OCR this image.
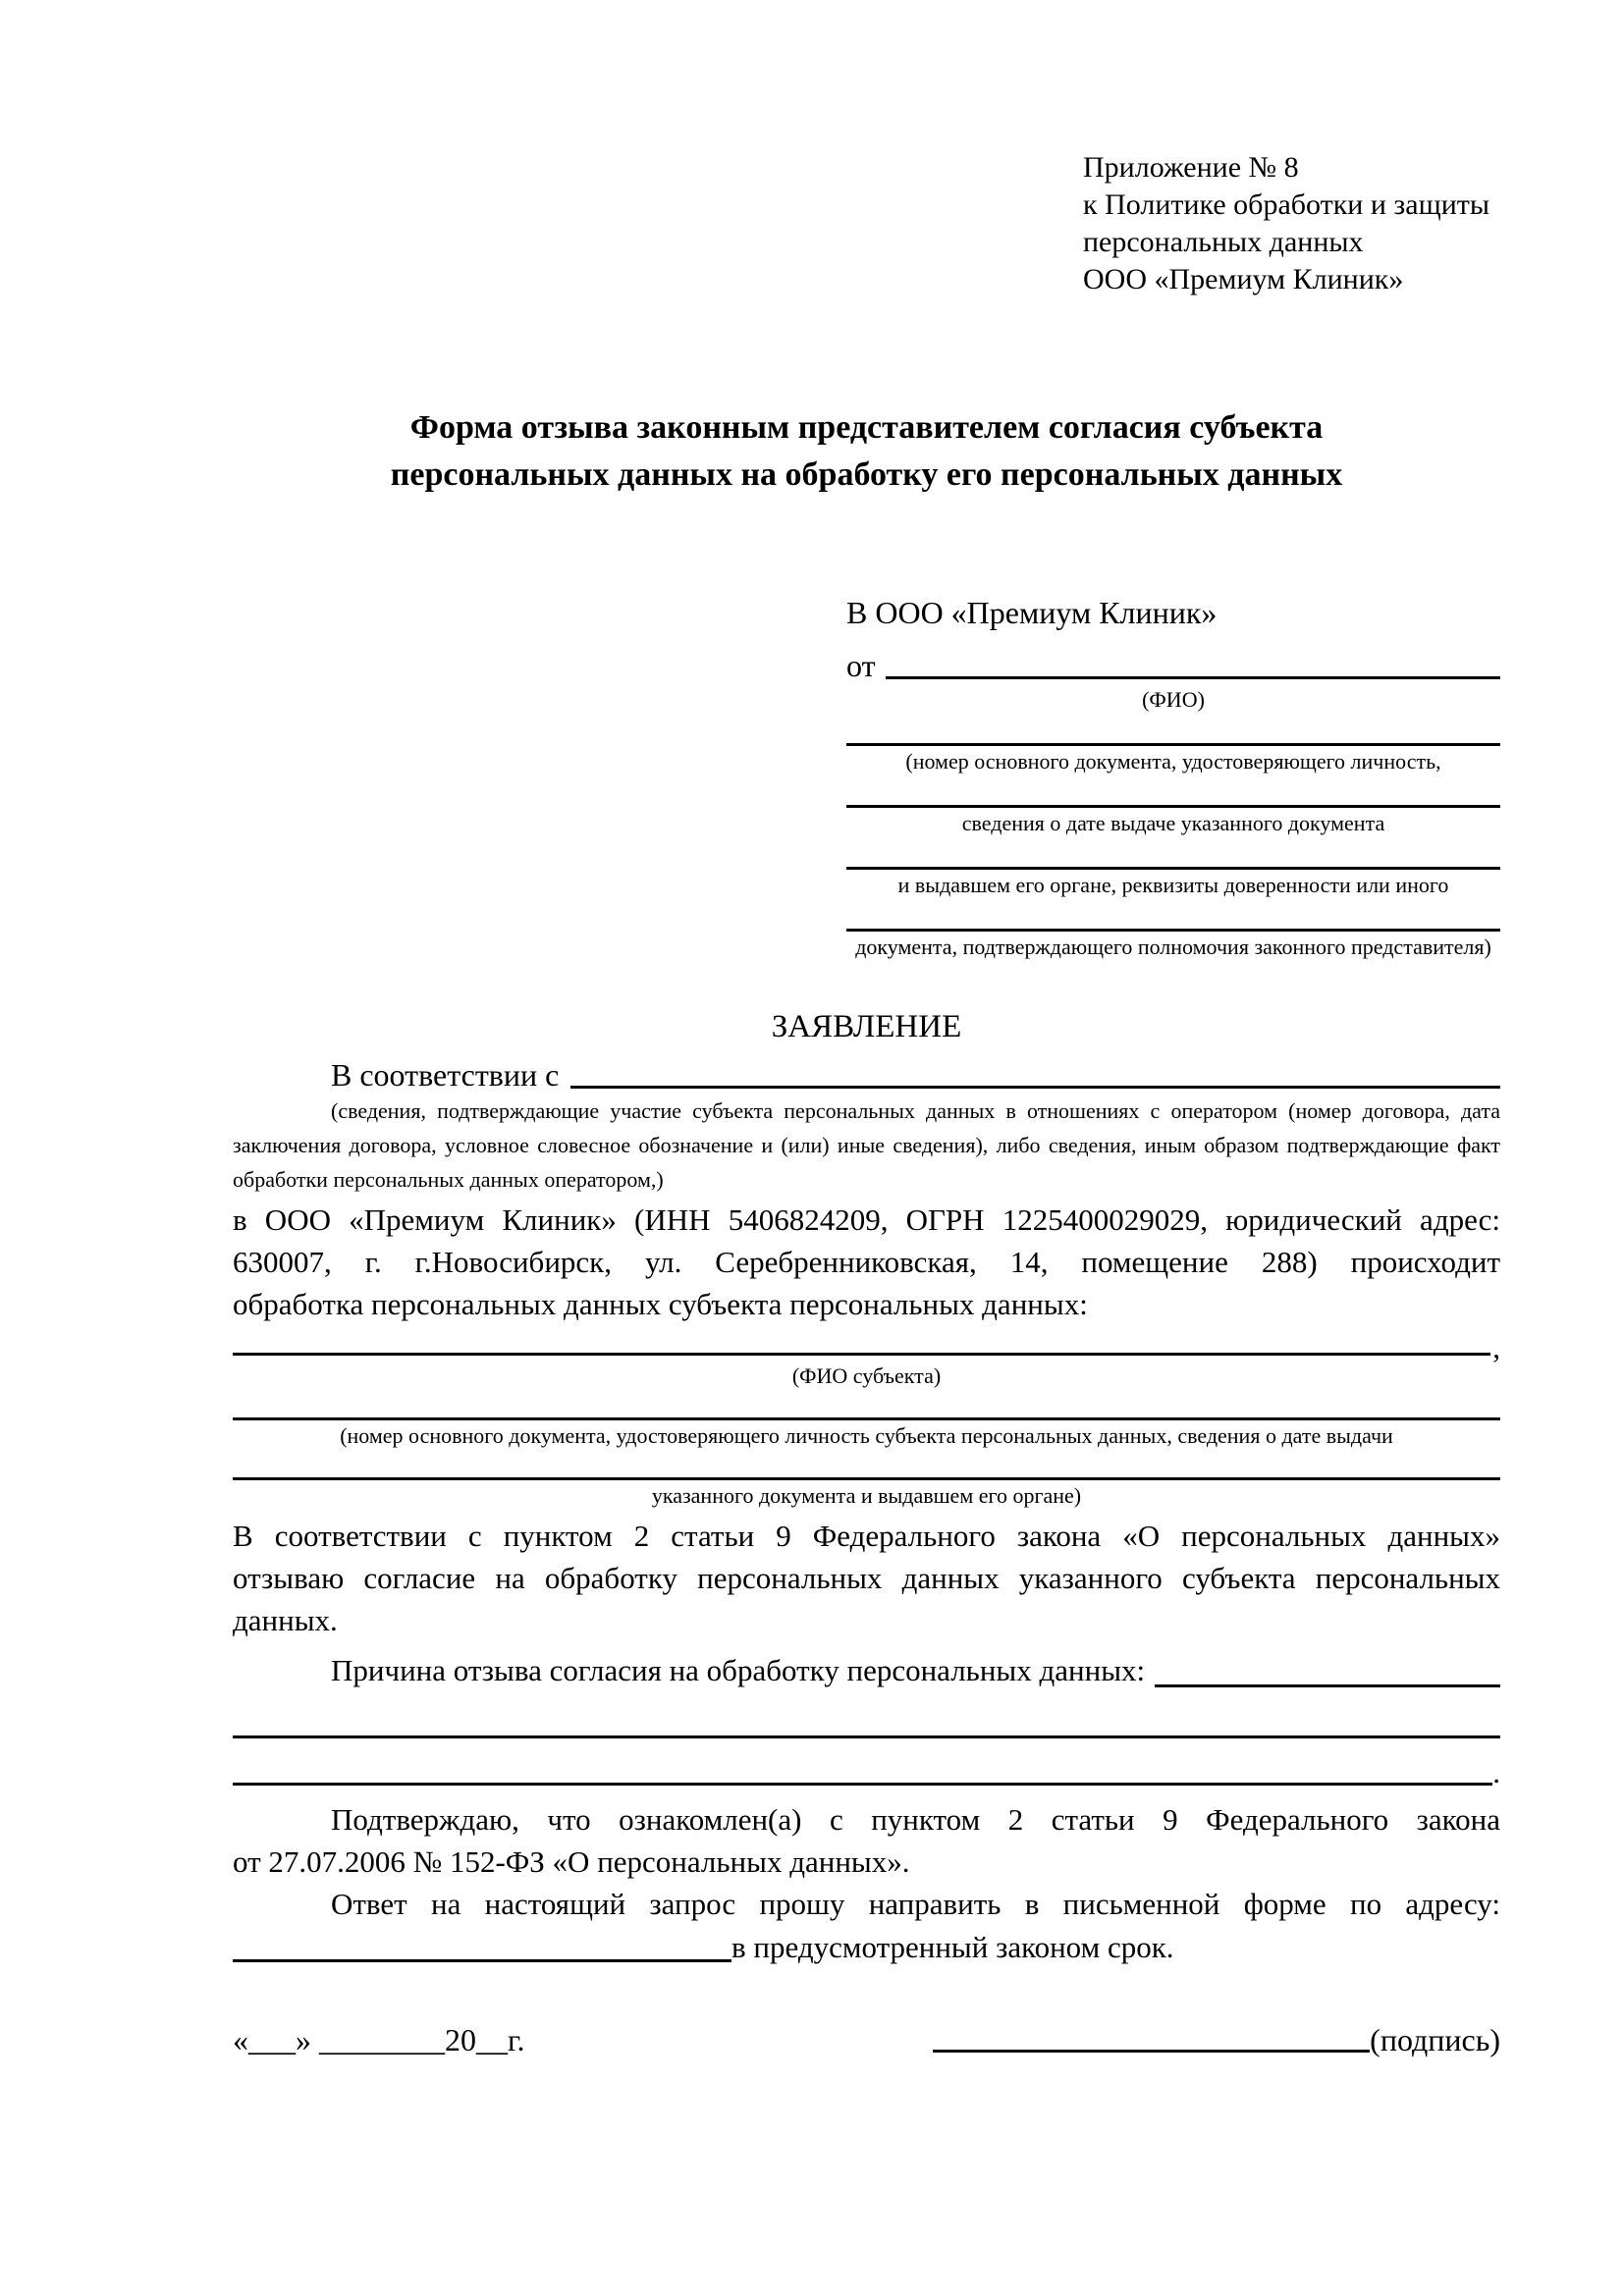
Приложение № 8
к Политике обработки и защиты
персональных данных
ООО «Премиум Клиник»
Форма отзыва законным представителем согласия субъекта
персональных данных на обработку его персональных данных
В ООО «Премиум Клиник»
от
(ФИО)
(номер основного документа, удостоверяющего личность,
сведения о дате выдаче указанного документа
и выдавшем его органе, реквизиты доверенности или иного
документа, подтверждающего полномочия законного представителя)
ЗАЯВЛЕНИЕ
В соответствии с
(сведения, подтверждающие участие субъекта персональных данных в отношениях с оператором (номер договора, дата
заключения договора, условное словесное обозначение и (или) иные сведения), либо сведения, иным образом подтверждающие факт
обработки персональных данных оператором,)
в ООО «Премиум Клиник» (ИНН 5406824209, ОГРН 1225400029029, юридический адрес:
630007, г. г.Новосибирск, ул. Серебренниковская, 14, помещение 288) происходит
обработка персональных данных субъекта персональных данных:
,
(ФИО субъекта)
(номер основного документа, удостоверяющего личность субъекта персональных данных, сведения о дате выдачи
указанного документа и выдавшем его органе)
В соответствии с пунктом 2 статьи 9 Федерального закона «О персональных данных»
отзываю согласие на обработку персональных данных указанного субъекта персональных
данных.
Причина отзыва согласия на обработку персональных данных:
.
Подтверждаю, что ознакомлен(а) с пунктом 2 статьи 9 Федерального закона
от 27.07.2006 № 152-ФЗ «О персональных данных».
Ответ на настоящий запрос прошу направить в письменной форме по адресу:
в предусмотренный законом срок.
«___» ________20__г.	(подпись)
